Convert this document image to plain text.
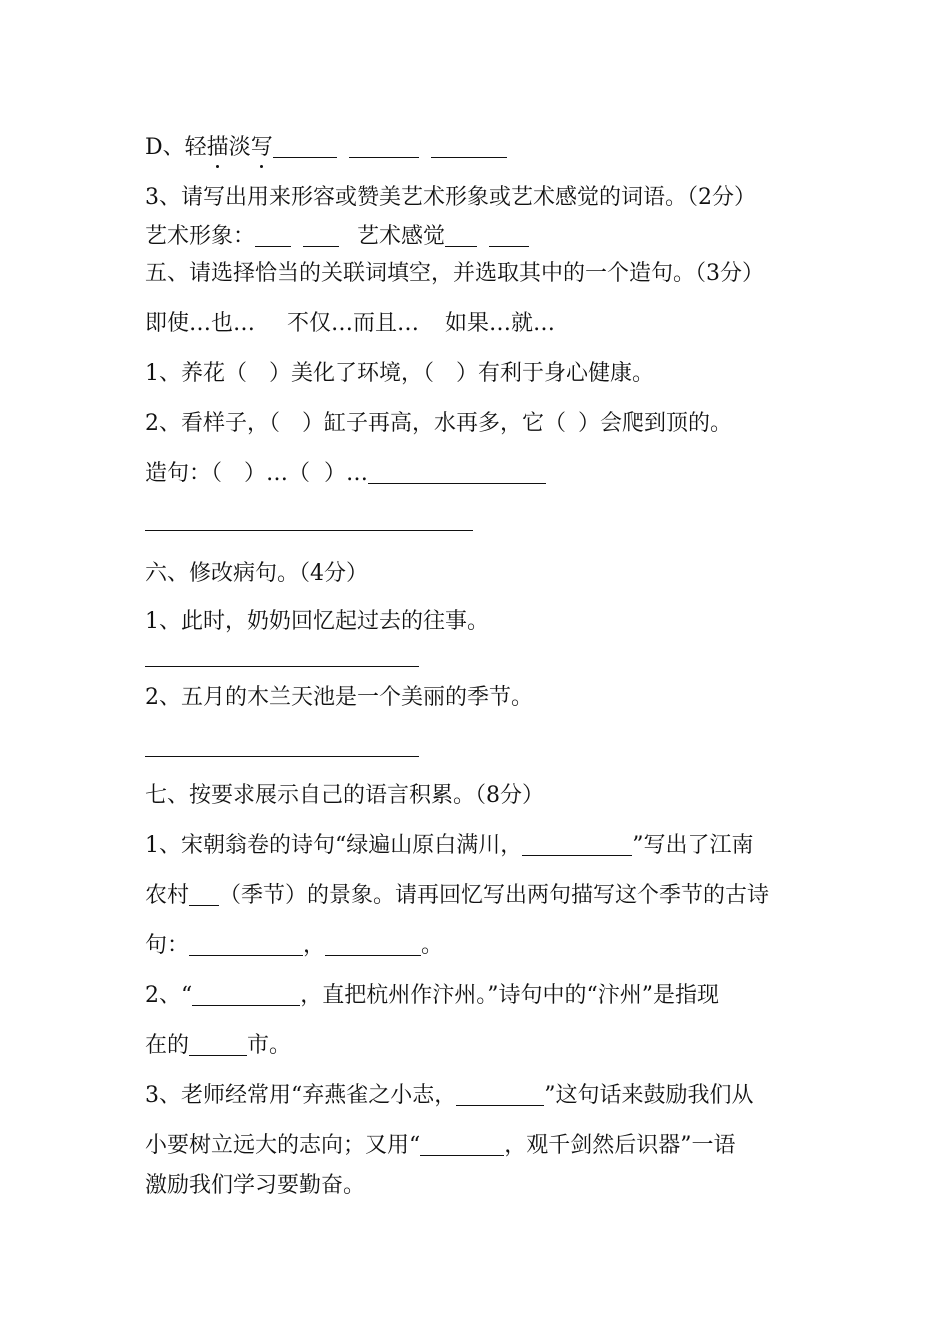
D、轻描淡写
3、请写出用来形容或赞美艺术形象或艺术感觉的词语。（2分）
艺术形象：	艺术感觉
五、请选择恰当的关联词填空，并选取其中的一个造句。（3分）
即使…也… 不仅…而且… 如果…就…
1、养花（ ）美化了环境，（ ）有利于身心健康。
2、看样子，（ ）缸子再高，水再多，它（ ）会爬到顶的。
造句：（ ）…（ ）…
六、修改病句。（4分）
1、此时，奶奶回忆起过去的往事。
2、五月的木兰天池是一个美丽的季节。
七、按要求展示自己的语言积累。（8分）
1、宋朝翁卷的诗句“绿遍山原白满川，	”写出了江南
农村 （季节）的景象。请再回忆写出两句描写这个季节的古诗
句：	，	。
2、“	，直把杭州作汴州。”诗句中的“汴州”是指现
在的	市。
3、老师经常用“弃燕雀之小志，	”这句话来鼓励我们从
小要树立远大的志向；又用“	，观千剑然后识器”一语
激励我们学习要勤奋。
